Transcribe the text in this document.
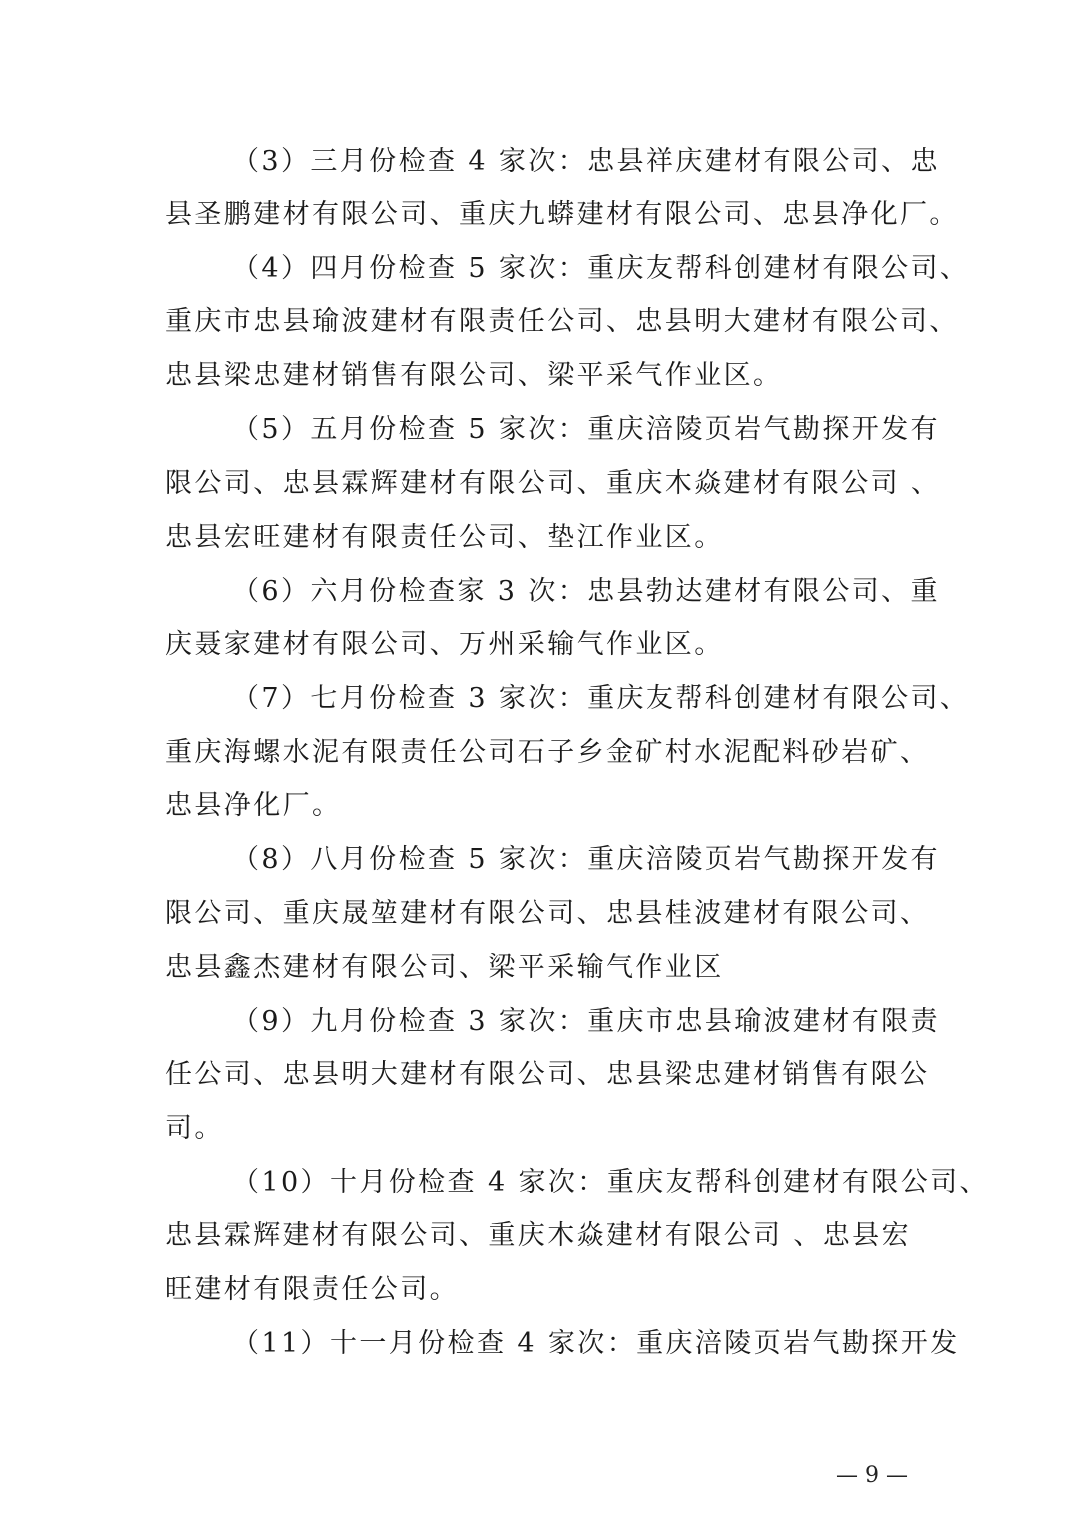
（3）三月份检查 4 家次：忠县祥庆建材有限公司、忠
县圣鹏建材有限公司、重庆九蟒建材有限公司、忠县净化厂。
（4）四月份检查 5 家次：重庆友帮科创建材有限公司、
重庆市忠县瑜波建材有限责任公司、忠县明大建材有限公司、
忠县梁忠建材销售有限公司、梁平采气作业区。
（5）五月份检查 5 家次：重庆涪陵页岩气勘探开发有
限公司、忠县霖辉建材有限公司、重庆木焱建材有限公司 、
忠县宏旺建材有限责任公司、垫江作业区。
（6）六月份检查家 3 次：忠县勃达建材有限公司、重
庆聂家建材有限公司、万州采输气作业区。
（7）七月份检查 3 家次：重庆友帮科创建材有限公司、
重庆海螺水泥有限责任公司石子乡金矿村水泥配料砂岩矿、
忠县净化厂。
（8）八月份检查 5 家次：重庆涪陵页岩气勘探开发有
限公司、重庆晟堃建材有限公司、忠县桂波建材有限公司、
忠县鑫杰建材有限公司、梁平采输气作业区
（9）九月份检查 3 家次：重庆市忠县瑜波建材有限责
任公司、忠县明大建材有限公司、忠县梁忠建材销售有限公
司。
（10）十月份检查 4 家次：重庆友帮科创建材有限公司、
忠县霖辉建材有限公司、重庆木焱建材有限公司 、忠县宏
旺建材有限责任公司。
（11）十一月份检查 4 家次：重庆涪陵页岩气勘探开发
— 9 —
